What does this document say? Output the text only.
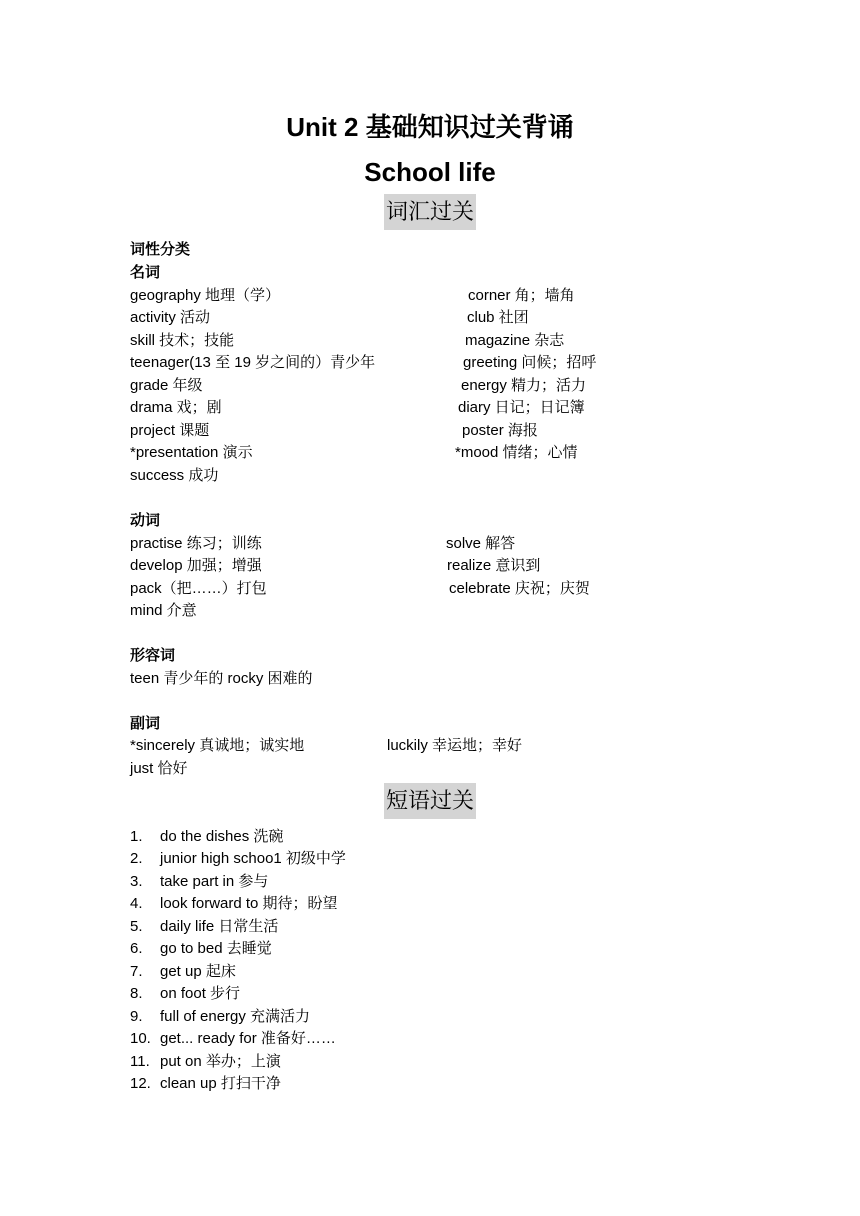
Unit 2 基础知识过关背诵
School life
词汇过关
词性分类
名词
geography 地理（学）
activity 活动
skill 技术；技能
teenager(13 至 19 岁之间的）青少年
grade 年级
drama 戏；剧
project 课题
*presentation 演示
success 成功
corner 角；墙角
club 社团
magazine 杂志
greeting 问候；招呼
energy 精力；活力
diary 日记；日记簿
poster 海报
*mood 情绪；心情
动词
practise 练习；训练
develop 加强；增强
pack（把……）打包
mind 介意
solve 解答
realize 意识到
celebrate 庆祝；庆贺
形容词
teen 青少年的 rocky 困难的
副词
*sincerely 真诚地；诚实地	luckily 幸运地；幸好
just 恰好
短语过关
1. do the dishes 洗碗
2. junior high schoo1 初级中学
3. take part in 参与
4. look forward to 期待；盼望
5. daily life 日常生活
6. go to bed 去睡觉
7. get up 起床
8. on foot 步行
9. full of energy 充满活力
10. get... ready for 准备好……
11. put on 举办；上演
12. clean up 打扫干净
